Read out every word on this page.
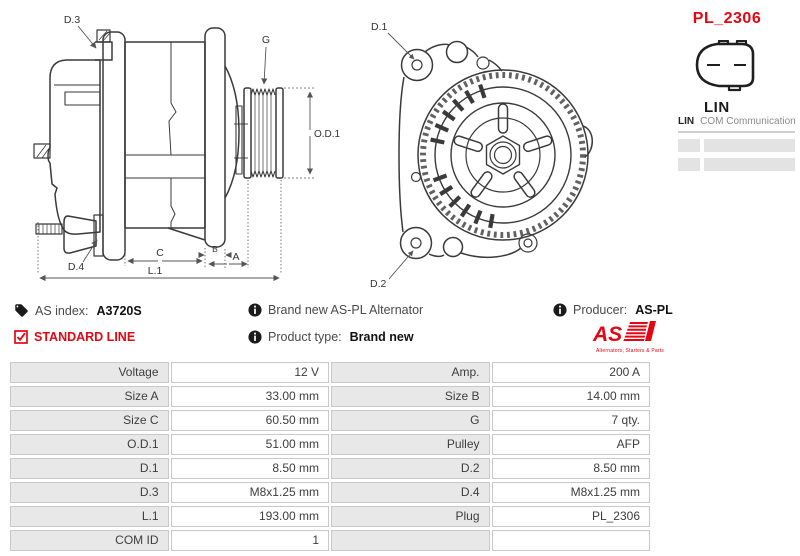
D.3
G
O.D.1
D.4
C	B
A
L.1
D.1
D.2
PL_2306
LIN
LIN COM Communication
AS index: A3720S
STANDARD LINE
Brand new AS-PL Alternator
Product type: Brand new
Producer: AS-PL
AS
Alternators, Starters & Parts
Voltage	12 V	Amp.	200 A
Size A	33.00 mm	Size B	14.00 mm
Size C	60.50 mm	G	7 qty.
O.D.1	51.00 mm	Pulley	AFP
D.1	8.50 mm	D.2	8.50 mm
D.3	M8x1.25 mm	D.4	M8x1.25 mm
L.1	193.00 mm	Plug	PL_2306
COM ID	1
